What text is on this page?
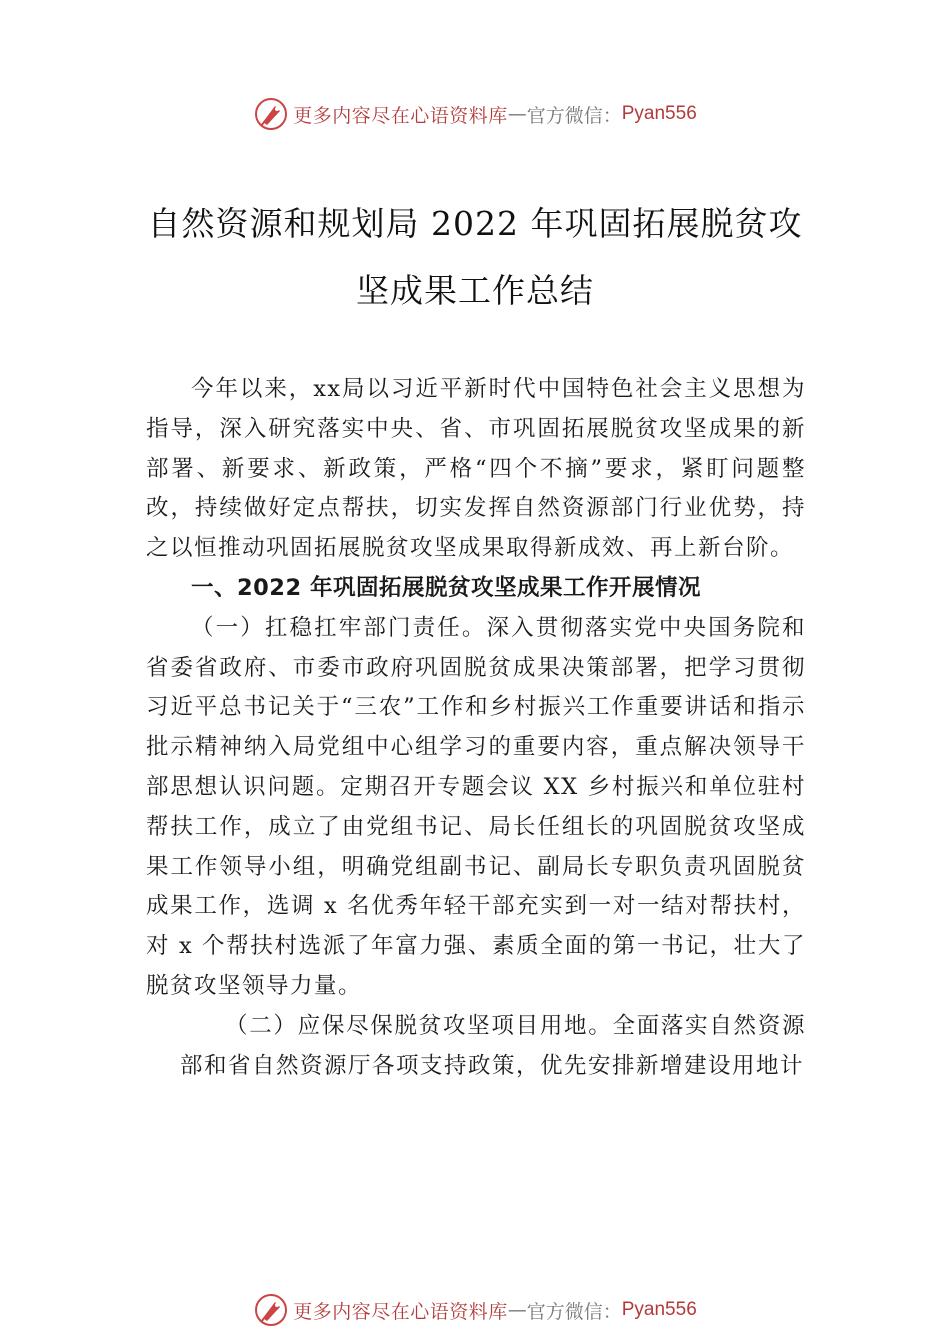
更多内容尽在心语资料库 — 官方微信： Pyan556
自然资源和规划局 2022 年巩固拓展脱贫攻
坚成果工作总结

今年以来，xx局以习近平新时代中国特色社会主义思想为指导，深入研究落实中央、省、市巩固拓展脱贫攻坚成果的新部署、新要求、新政策，严格“四个不摘”要求，紧盯问题整改，持续做好定点帮扶，切实发挥自然资源部门行业优势，持之以恒推动巩固拓展脱贫攻坚成果取得新成效、再上新台阶。

一、2022 年巩固拓展脱贫攻坚成果工作开展情况

（一）扛稳扛牢部门责任。深入贯彻落实党中央国务院和省委省政府、市委市政府巩固脱贫成果决策部署，把学习贯彻习近平总书记关于“三农”工作和乡村振兴工作重要讲话和指示批示精神纳入局党组中心组学习的重要内容，重点解决领导干部思想认识问题。定期召开专题会议 XX 乡村振兴和单位驻村帮扶工作，成立了由党组书记、局长任组长的巩固脱贫攻坚成果工作领导小组，明确党组副书记、副局长专职负责巩固脱贫成果工作，选调 x 名优秀年轻干部充实到一对一结对帮扶村，对 x 个帮扶村选派了年富力强、素质全面的第一书记，壮大了脱贫攻坚领导力量。

（二）应保尽保脱贫攻坚项目用地。全面落实自然资源部和省自然资源厅各项支持政策，优先安排新增建设用地计

更多内容尽在心语资料库 — 官方微信： Pyan556
